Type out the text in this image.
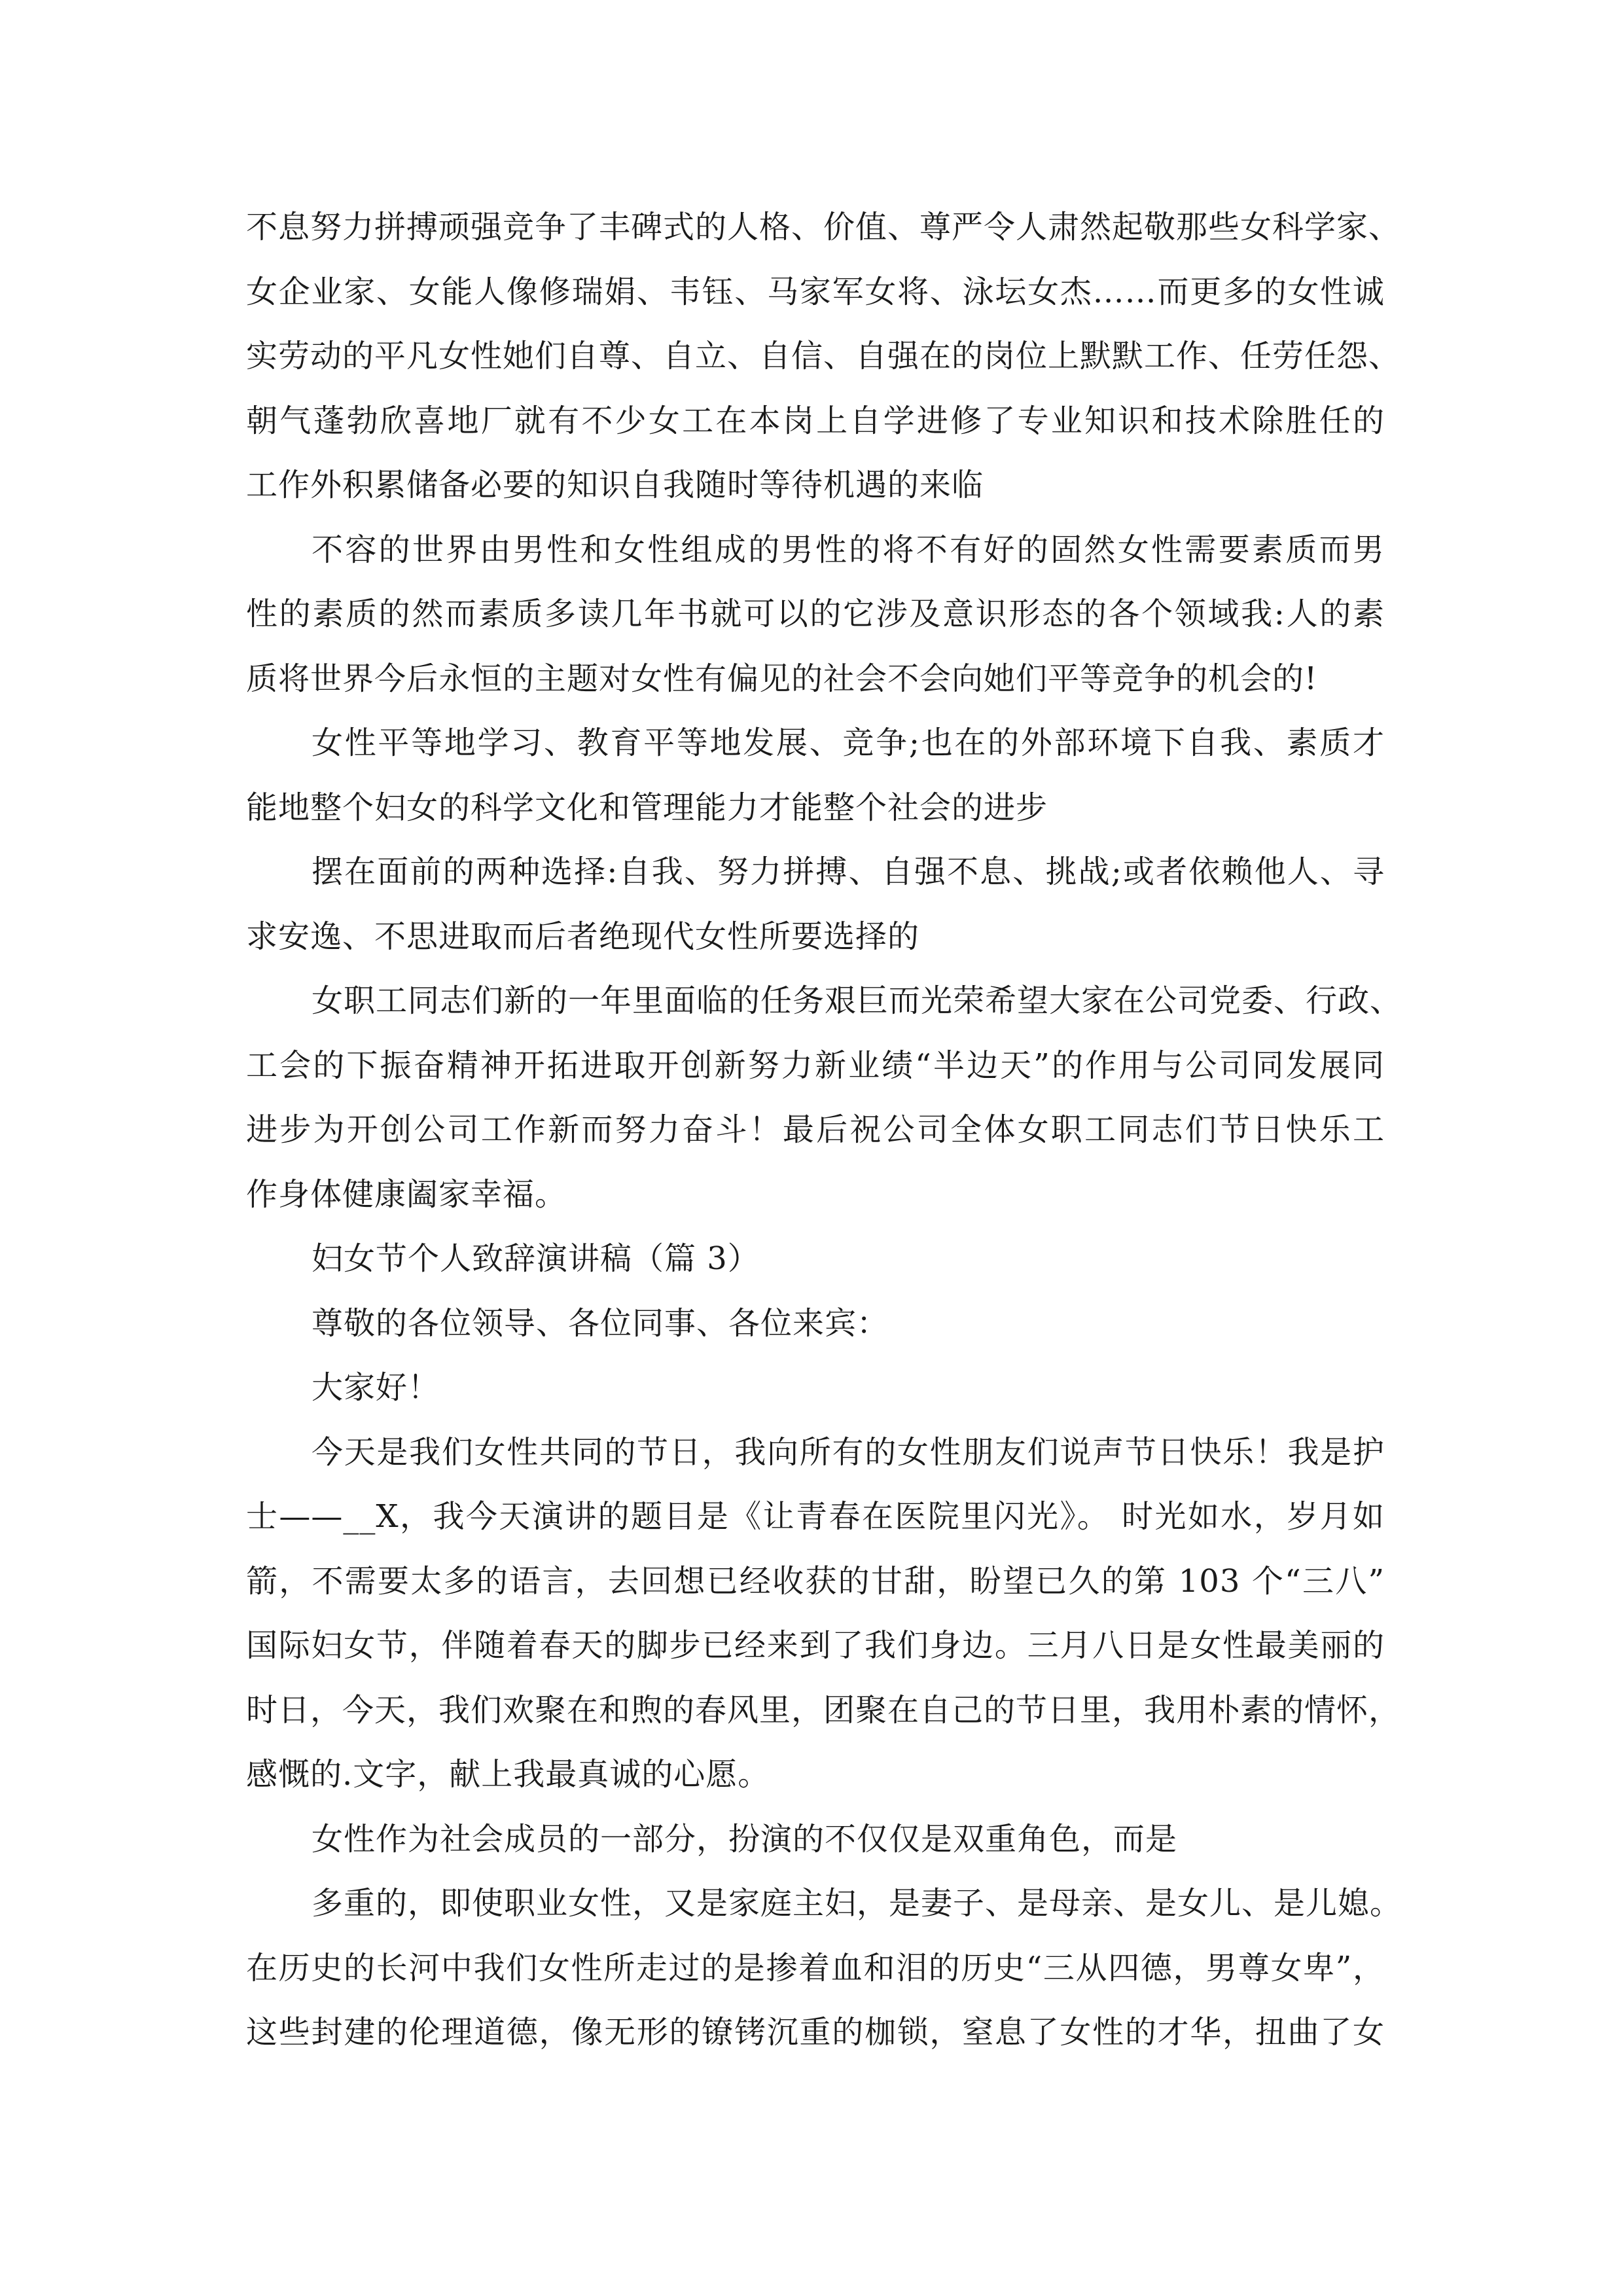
不息努力拼搏顽强竞争了丰碑式的人格、价值、尊严令人肃然起敬那些女科学家、
女企业家、女能人像修瑞娟、韦钰、马家军女将、泳坛女杰……而更多的女性诚
实劳动的平凡女性她们自尊、自立、自信、自强在的岗位上默默工作、任劳任怨、
朝气蓬勃欣喜地厂就有不少女工在本岗上自学进修了专业知识和技术除胜任的
工作外积累储备必要的知识自我随时等待机遇的来临
不容的世界由男性和女性组成的男性的将不有好的固然女性需要素质而男
性的素质的然而素质多读几年书就可以的它涉及意识形态的各个领域我:人的素
质将世界今后永恒的主题对女性有偏见的社会不会向她们平等竞争的机会的!
女性平等地学习、教育平等地发展、竞争;也在的外部环境下自我、素质才
能地整个妇女的科学文化和管理能力才能整个社会的进步
摆在面前的两种选择:自我、努力拼搏、自强不息、挑战;或者依赖他人、寻
求安逸、不思进取而后者绝现代女性所要选择的
女职工同志们新的一年里面临的任务艰巨而光荣希望大家在公司党委、行政、
工会的下振奋精神开拓进取开创新努力新业绩“半边天”的作用与公司同发展同
进步为开创公司工作新而努力奋斗！最后祝公司全体女职工同志们节日快乐工
作身体健康阖家幸福。
妇女节个人致辞演讲稿（篇 3）
尊敬的各位领导、各位同事、各位来宾：
大家好！
今天是我们女性共同的节日，我向所有的女性朋友们说声节日快乐！我是护
士——__X，我今天演讲的题目是《让青春在医院里闪光》。 时光如水，岁月如
箭，不需要太多的语言，去回想已经收获的甘甜，盼望已久的第 103 个“三八”
国际妇女节，伴随着春天的脚步已经来到了我们身边。三月八日是女性最美丽的
时日，今天，我们欢聚在和煦的春风里，团聚在自己的节日里，我用朴素的情怀，
感慨的.文字，献上我最真诚的心愿。
女性作为社会成员的一部分，扮演的不仅仅是双重角色，而是
多重的，即使职业女性，又是家庭主妇，是妻子、是母亲、是女儿、是儿媳。
在历史的长河中我们女性所走过的是掺着血和泪的历史“三从四德，男尊女卑”，
这些封建的伦理道德，像无形的镣铐沉重的枷锁，窒息了女性的才华，扭曲了女
